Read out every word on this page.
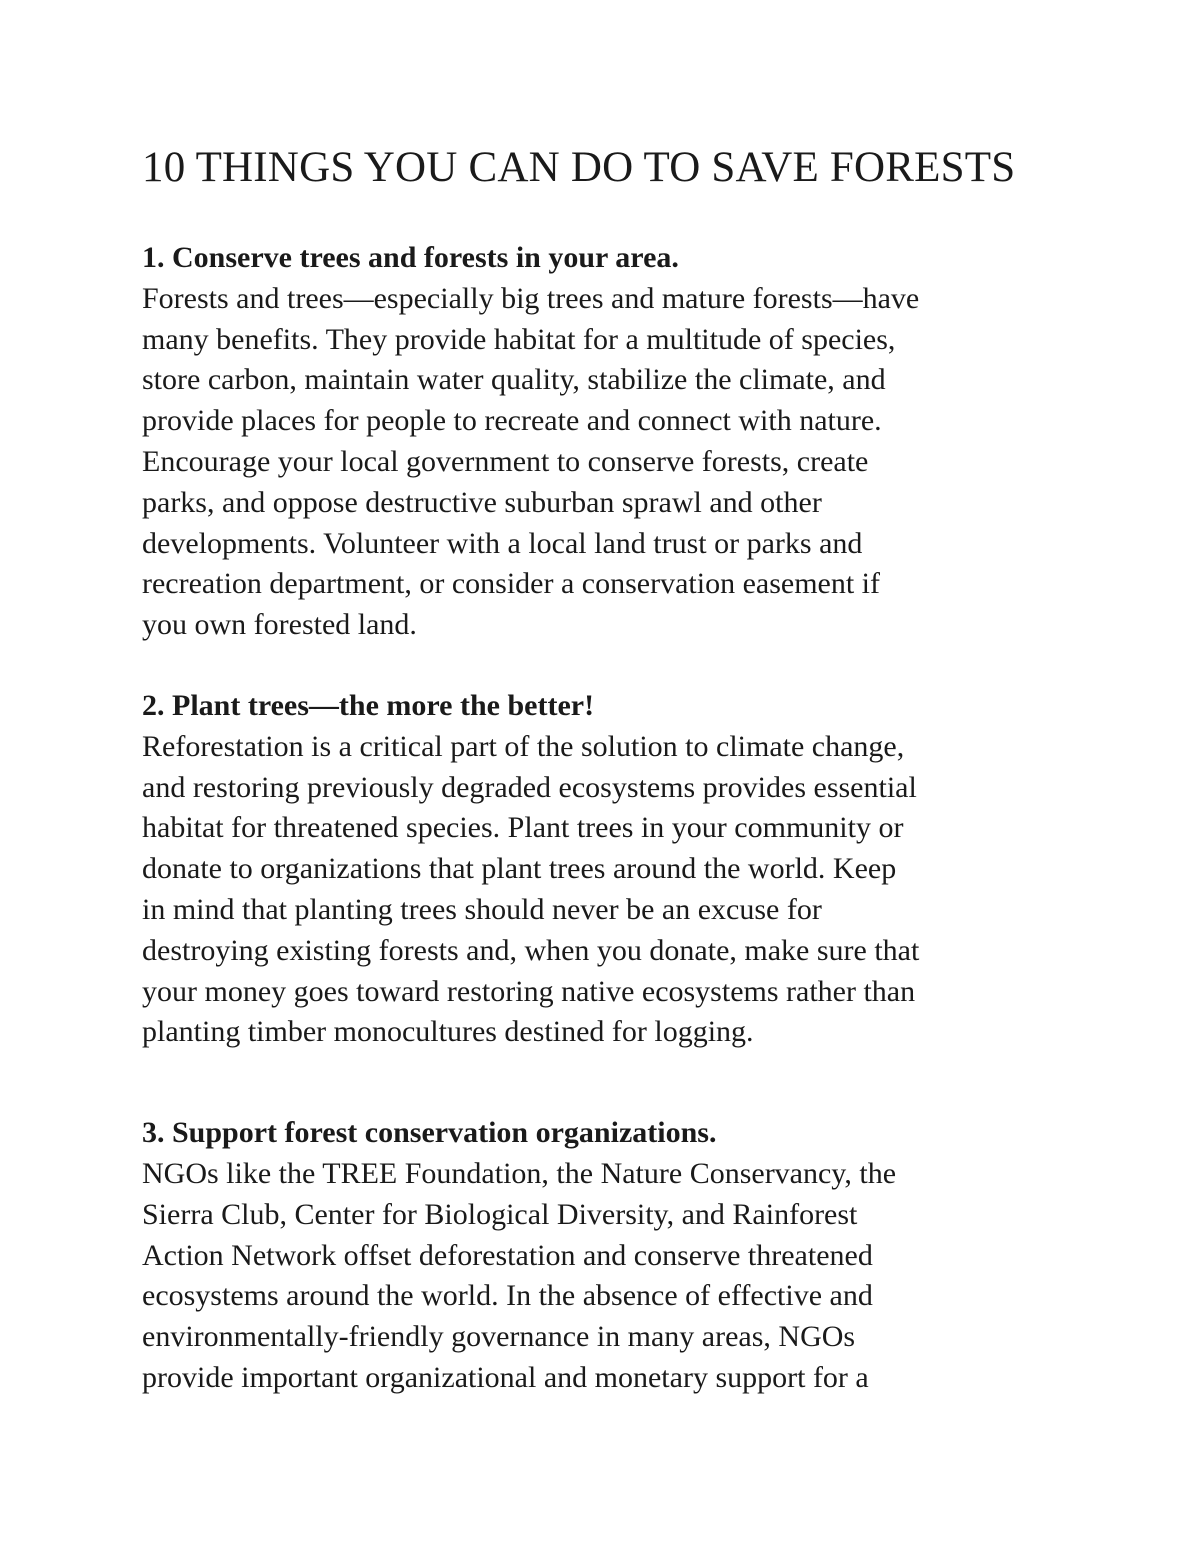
10 THINGS YOU CAN DO TO SAVE FORESTS

1. Conserve trees and forests in your area.

Forests and trees—especially big trees and mature forests—have
many benefits. They provide habitat for a multitude of species,
store carbon, maintain water quality, stabilize the climate, and
provide places for people to recreate and connect with nature.
Encourage your local government to conserve forests, create
parks, and oppose destructive suburban sprawl and other
developments. Volunteer with a local land trust or parks and
recreation department, or consider a conservation easement if
you own forested land.

2. Plant trees—the more the better!

Reforestation is a critical part of the solution to climate change,
and restoring previously degraded ecosystems provides essential
habitat for threatened species. Plant trees in your community or
donate to organizations that plant trees around the world. Keep
in mind that planting trees should never be an excuse for
destroying existing forests and, when you donate, make sure that
your money goes toward restoring native ecosystems rather than
planting timber monocultures destined for logging.

3. Support forest conservation organizations.

NGOs like the TREE Foundation, the Nature Conservancy, the
Sierra Club, Center for Biological Diversity, and Rainforest
Action Network offset deforestation and conserve threatened
ecosystems around the world. In the absence of effective and
environmentally-friendly governance in many areas, NGOs
provide important organizational and monetary support for a
